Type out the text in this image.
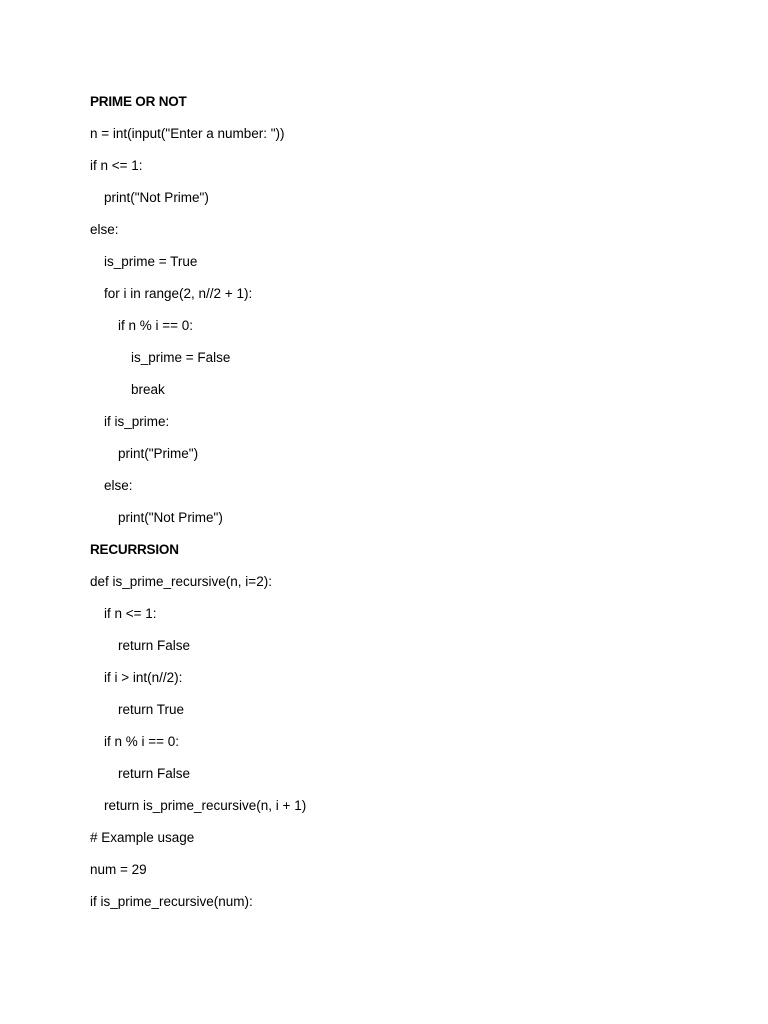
PRIME OR NOT
n = int(input("Enter a number: "))
if n <= 1:
print("Not Prime")
else:
is_prime = True
for i in range(2, n//2 + 1):
if n % i == 0:
is_prime = False
break
if is_prime:
print("Prime")
else:
print("Not Prime")
RECURRSION
def is_prime_recursive(n, i=2):
if n <= 1:
return False
if i > int(n//2):
return True
if n % i == 0:
return False
return is_prime_recursive(n, i + 1)
# Example usage
num = 29
if is_prime_recursive(num):
